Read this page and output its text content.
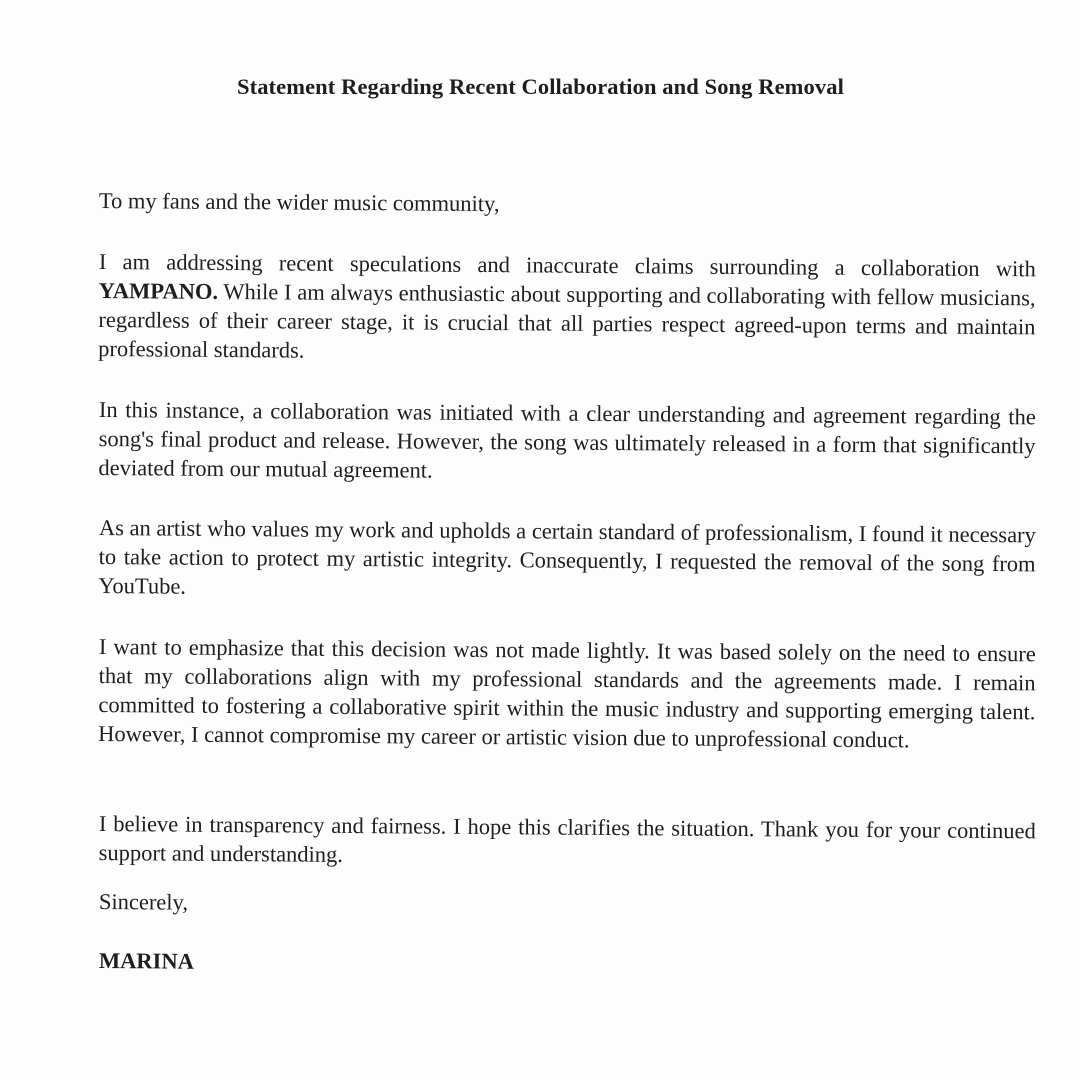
Statement Regarding Recent Collaboration and Song Removal
To my fans and the wider music community,
I am addressing recent speculations and inaccurate claims surrounding a collaboration with YAMPANO. While I am always enthusiastic about supporting and collaborating with fellow musicians, regardless of their career stage, it is crucial that all parties respect agreed-upon terms and maintain professional standards.
In this instance, a collaboration was initiated with a clear understanding and agreement regarding the song's final product and release. However, the song was ultimately released in a form that significantly deviated from our mutual agreement.
As an artist who values my work and upholds a certain standard of professionalism, I found it necessary to take action to protect my artistic integrity. Consequently, I requested the removal of the song from YouTube.
I want to emphasize that this decision was not made lightly. It was based solely on the need to ensure that my collaborations align with my professional standards and the agreements made. I remain committed to fostering a collaborative spirit within the music industry and supporting emerging talent. However, I cannot compromise my career or artistic vision due to unprofessional conduct.
I believe in transparency and fairness. I hope this clarifies the situation. Thank you for your continued support and understanding.
Sincerely,
MARINA
